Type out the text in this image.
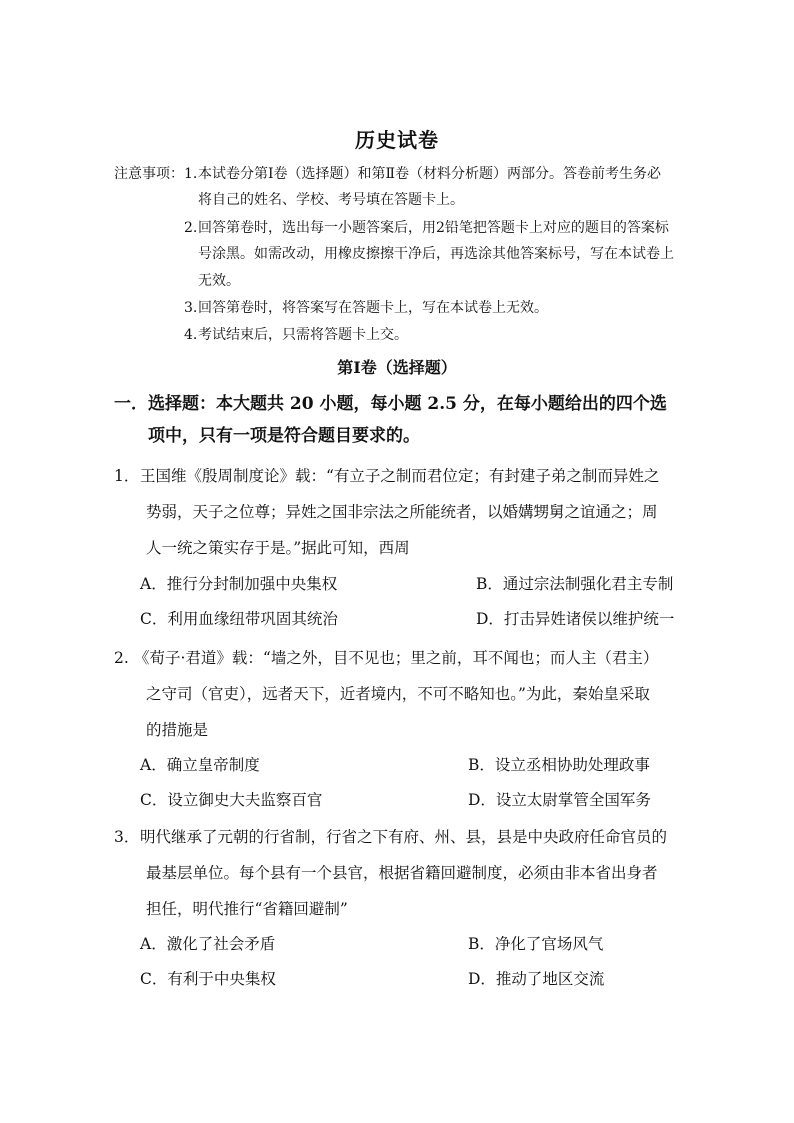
历史试卷
注意事项： 1. 本试卷分第Ⅰ卷（选择题）和第Ⅱ卷（材料分析题）两部分。答卷前考生务必
将自己的姓名、学校、考号填在答题卡上。
2. 回答第卷时，选出每一小题答案后，用2铅笔把答题卡上对应的题目的答案标
号涂黑。如需改动，用橡皮擦擦干净后，再选涂其他答案标号，写在本试卷上
无效。
3. 回答第卷时，将答案写在答题卡上，写在本试卷上无效。
4. 考试结束后，只需将答题卡上交。
第Ⅰ卷（选择题）
一．选择题：本大题共 20 小题，每小题 2.5 分，在每小题给出的四个选
项中，只有一项是符合题目要求的。
1． 王国维《殷周制度论》载：“有立子之制而君位定；有封建子弟之制而异姓之
势弱，天子之位尊；异姓之国非宗法之所能统者，以婚媾甥舅之谊通之；周
人一统之策实存于是。”据此可知，西周
A．推行分封制加强中央集权	B．通过宗法制强化君主专制
C．利用血缘纽带巩固其统治	D．打击异姓诸侯以维护统一
2. 《荀子·君道》载：“墙之外，目不见也；里之前，耳不闻也；而人主（君主）
之守司（官吏），远者天下，近者境内，不可不略知也。”为此，秦始皇采取
的措施是
A．确立皇帝制度	B．设立丞相协助处理政事
C．设立御史大夫监察百官	D．设立太尉掌管全国军务
3． 明代继承了元朝的行省制，行省之下有府、州、县，县是中央政府任命官员的
最基层单位。每个县有一个县官，根据省籍回避制度，必须由非本省出身者
担任，明代推行“省籍回避制”
A．激化了社会矛盾	B．净化了官场风气
C．有利于中央集权	D．推动了地区交流
